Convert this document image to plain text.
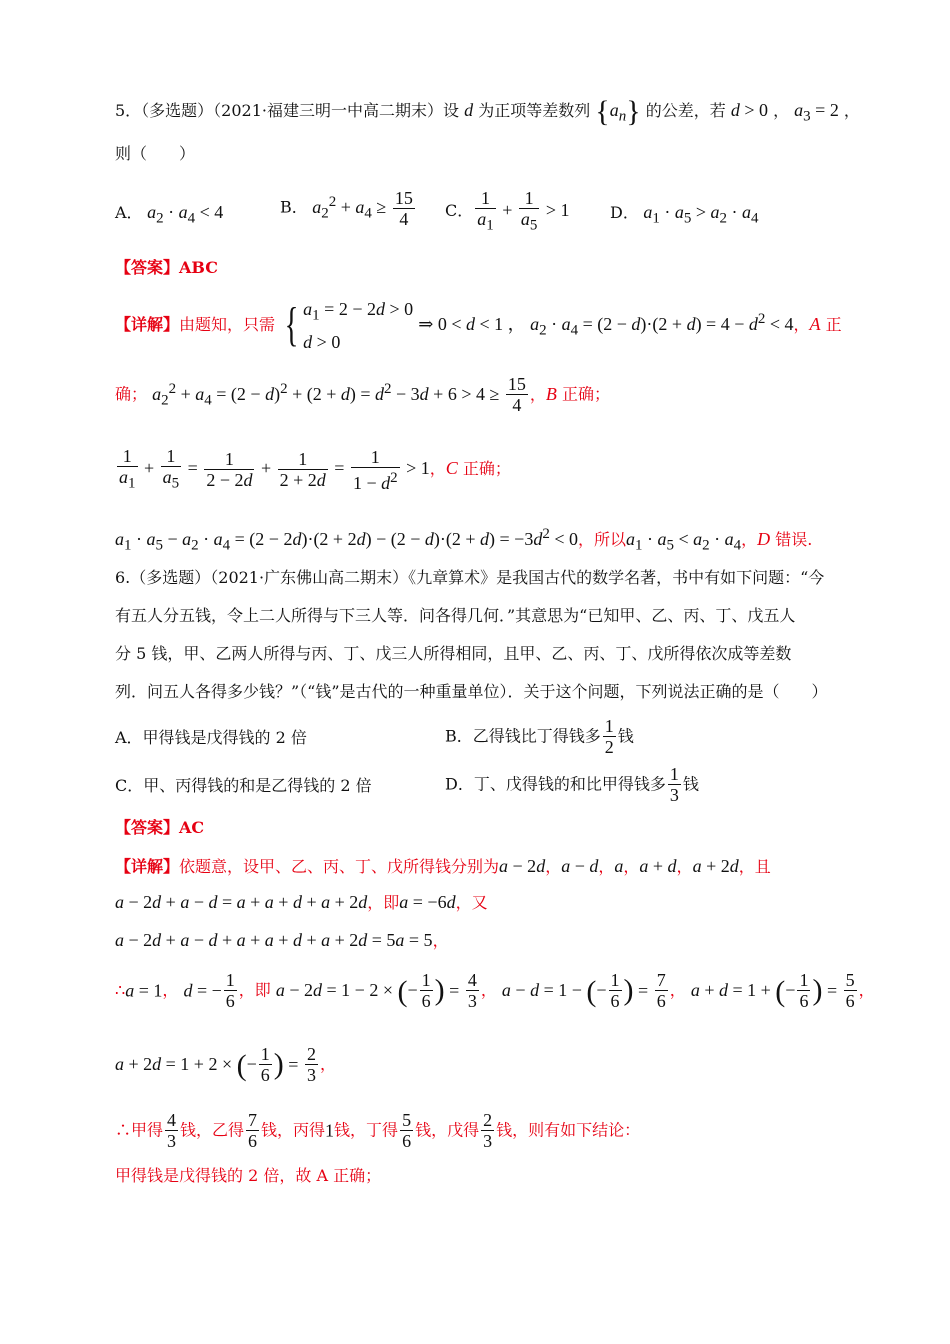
5．（多选题）（2021·福建三明一中高二期末）设 d 为正项等差数列 $\{a_n\}$ 的公差，若 d > 0 ， $a_3 = 2$ ，
则（　　）
A． $a_2 \cdot a_4 < 4$	B． $a_2^2 + a_4 \ge \frac{15}{4}$ C． $\frac{1}{a_1} + \frac{1}{a_5} > 1$	D． $a_1 \cdot a_5 > a_2 \cdot a_4$
【答案】ABC
【详解】由题知，只需 { $a_1 = 2 - 2d > 0$
d > 0 ⇒ 0 < d < 1 ， $a_2 \cdot a_4 = (2 - d)\cdot(2 + d) = 4 - d^2 < 4$，A 正
确； $a_2^2 + a_4 = (2 - d)^2 + (2 + d) = d^2 - 3d + 6 > 4 \ge \frac{15}{4}$ ，B 正确；
$\frac{1}{a_1} + \frac{1}{a_5} = \frac{1}{2 - 2d} + \frac{1}{2 + 2d} = \frac{1}{1 - d^2} > 1$，C 正确；
$a_1 \cdot a_5 - a_2 \cdot a_4 = (2 - 2d)\cdot(2 + 2d) - (2 - d)\cdot(2 + d) = -3d^2 < 0$，所以$a_1 \cdot a_5 < a_2 \cdot a_4$，D 错误.
6.（多选题）（2021·广东佛山高二期末）《九章算术》是我国古代的数学名著，书中有如下问题：“今
有五人分五钱，令上二人所得与下三人等．问各得几何．”其意思为“已知甲、乙、丙、丁、戊五人
分 5 钱，甲、乙两人所得与丙、丁、戊三人所得相同，且甲、乙、丙、丁、戊所得依次成等差数
列．问五人各得多少钱？”（“钱”是古代的一种重量单位）．关于这个问题，下列说法正确的是（　　）
A．甲得钱是戊得钱的 2 倍	B．乙得钱比丁得钱多 $\frac{1}{2}$ 钱
C．甲、丙得钱的和是乙得钱的 2 倍	D．丁、戊得钱的和比甲得钱多 $\frac{1}{3}$ 钱
【答案】AC
【详解】依题意，设甲、乙、丙、丁、戊所得钱分别为a − 2d，a − d，a，a + d，a + 2d，且
a − 2d + a − d = a + a + d + a + 2d，即a = −6d，又
a − 2d + a − d + a + a + d + a + 2d = 5a = 5，
∴a = 1， d = − $\frac{1}{6}$ ，即 a − 2d = 1 − 2 × (− $\frac{1}{6}$ ) = $\frac{4}{3}$ ， a − d = 1 − (− $\frac{1}{6}$ ) = $\frac{7}{6}$ ， a + d = 1 + (− $\frac{1}{6}$ ) = $\frac{5}{6}$ ，
a + 2d = 1 + 2 × (− $\frac{1}{6}$ ) = $\frac{2}{3}$ ，
∴甲得 $\frac{4}{3}$ 钱，乙得 $\frac{7}{6}$ 钱，丙得1钱，丁得 $\frac{5}{6}$ 钱，戊得 $\frac{2}{3}$ 钱，则有如下结论：
甲得钱是戊得钱的 2 倍，故 A 正确；
